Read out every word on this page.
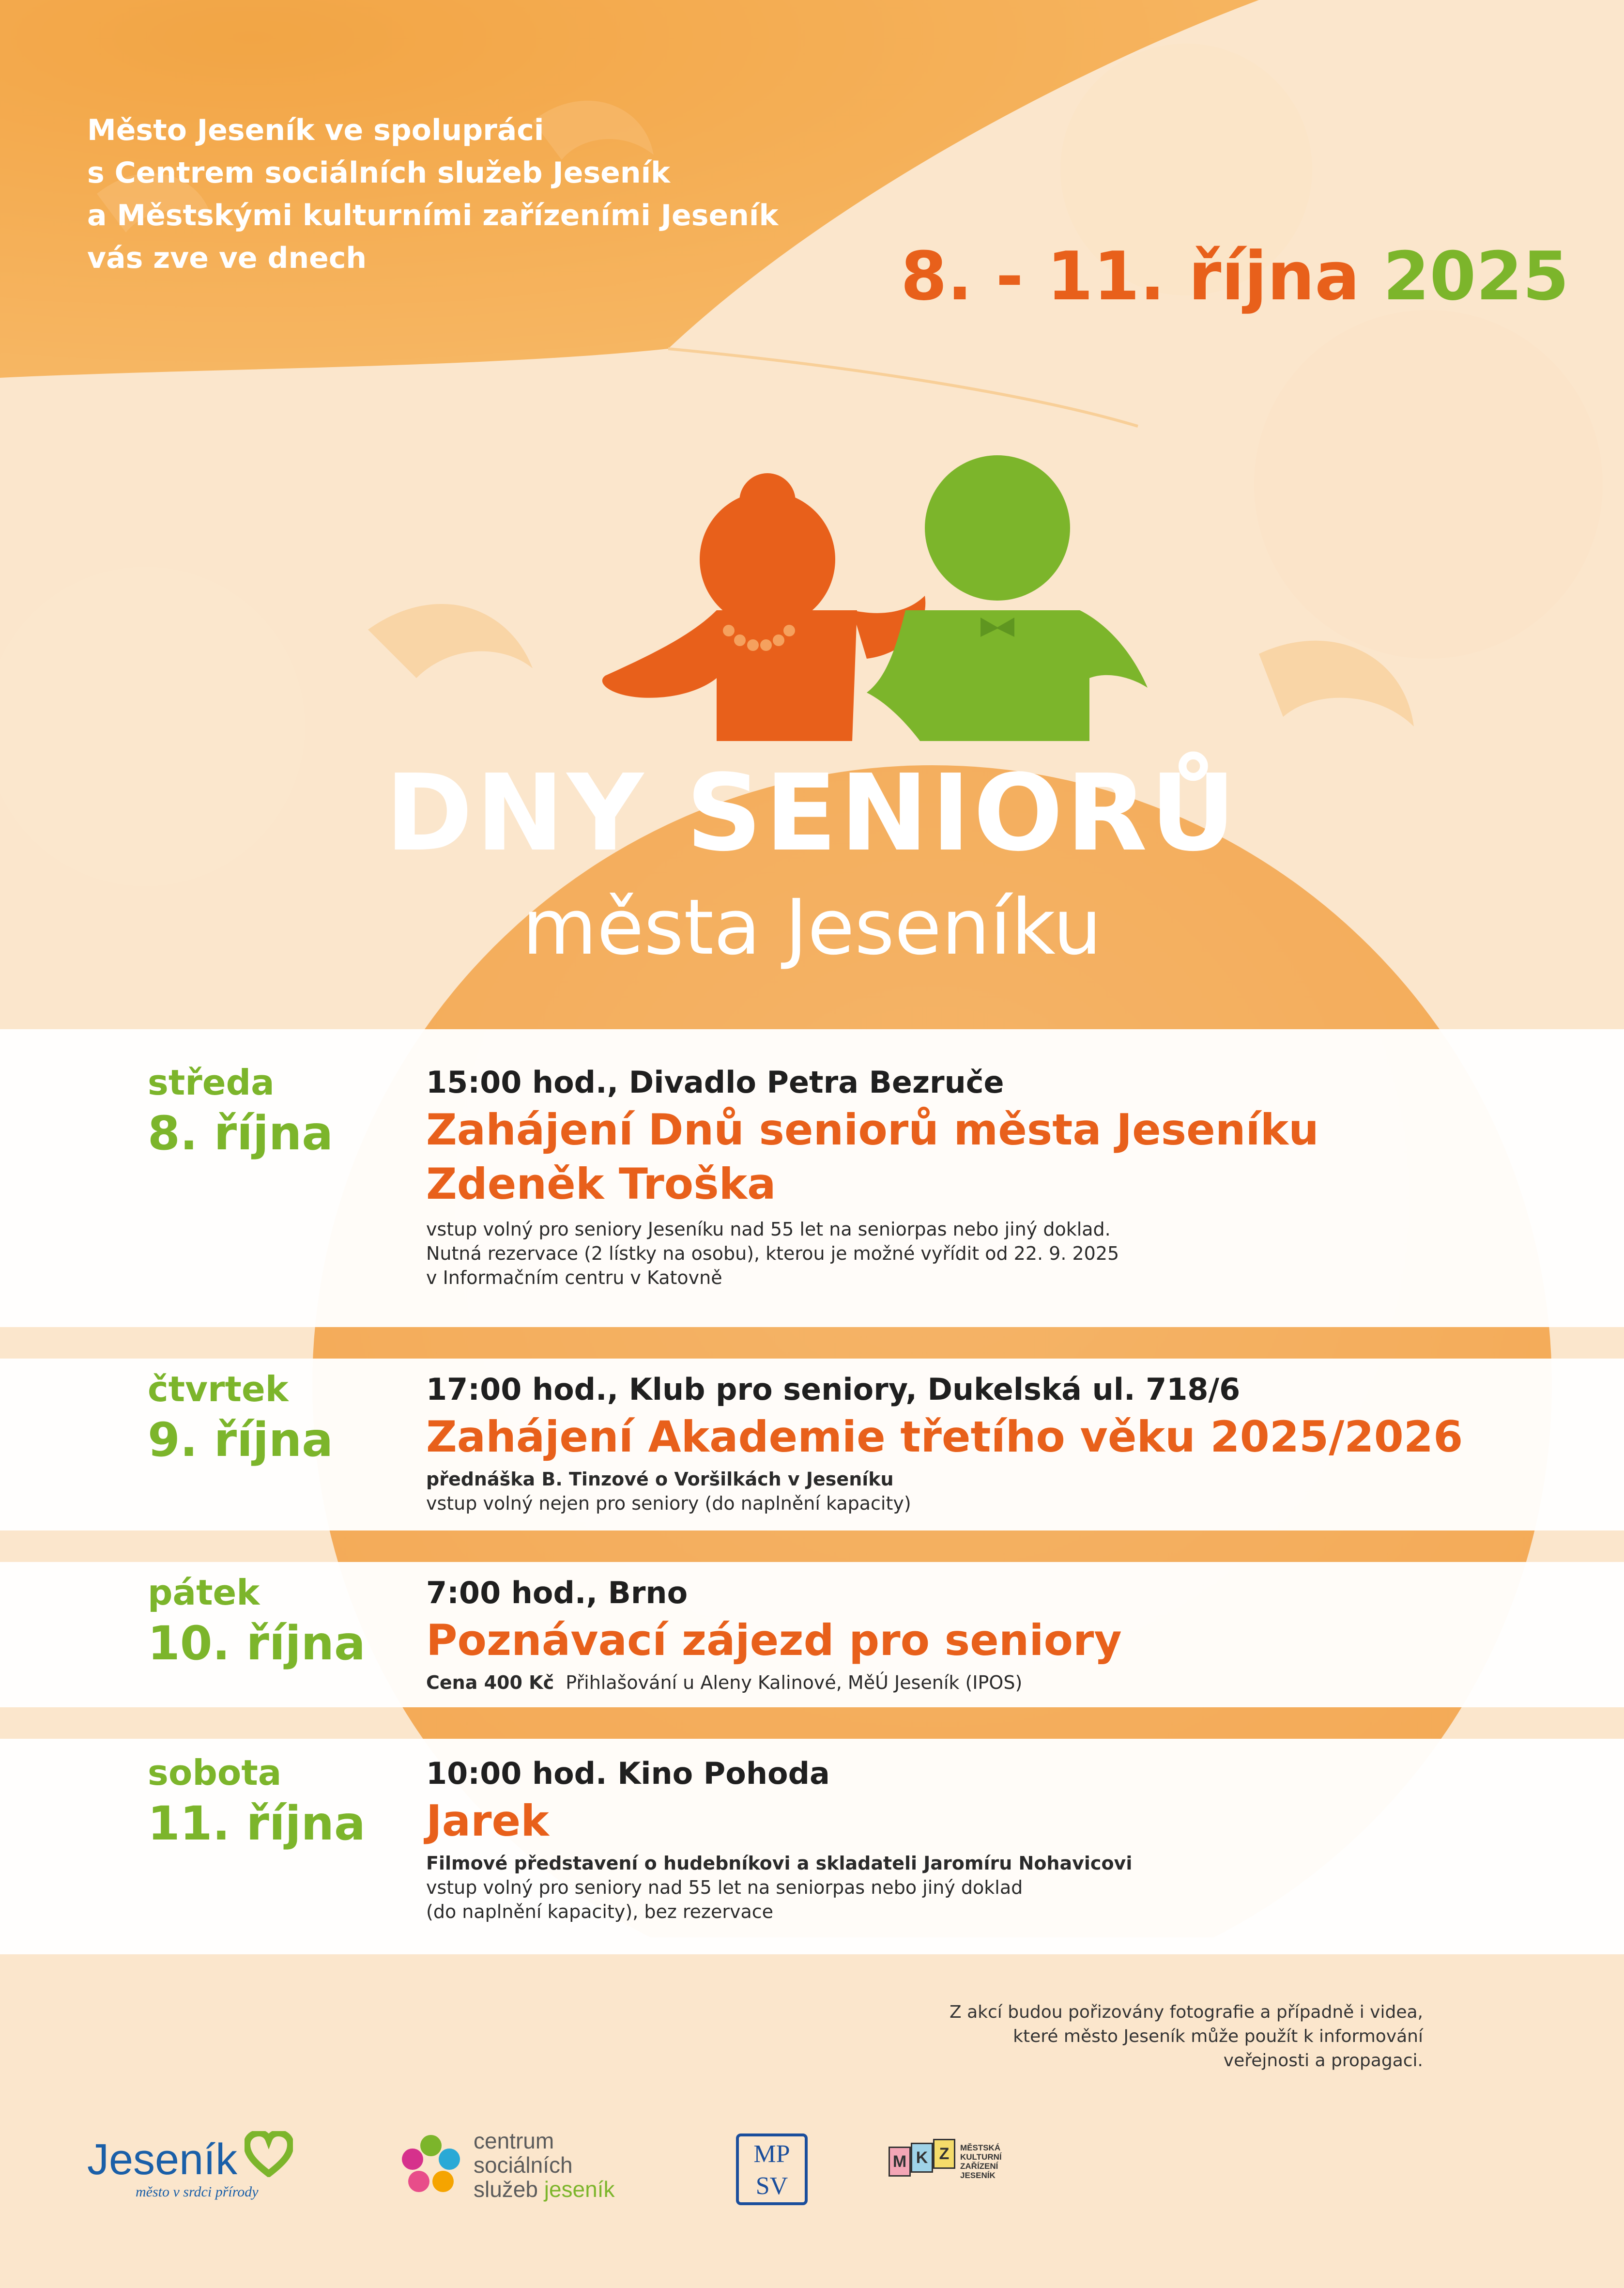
Město Jeseník ve spolupráci
s Centrem sociálních služeb Jeseník
a Městskými kulturními zařízeními Jeseník
vás zve ve dnech	8. - 11. října 2025
DNY SENIORŮ
města Jeseníku
středa
8. října
15:00 hod., Divadlo Petra Bezruče
Zahájení Dnů seniorů města Jeseníku
Zdeněk Troška
vstup volný pro seniory Jeseníku nad 55 let na seniorpas nebo jiný doklad.
Nutná rezervace (2 lístky na osobu), kterou je možné vyřídit od 22. 9. 2025
v Informačním centru v Katovně
čtvrtek
9. října
17:00 hod., Klub pro seniory, Dukelská ul. 718/6
Zahájení Akademie třetího věku 2025/2026
přednáška B. Tinzové o Voršilkách v Jeseníku
vstup volný nejen pro seniory (do naplnění kapacity)
pátek
10. října
7:00 hod., Brno
Poznávací zájezd pro seniory
Cena 400 Kč Přihlašování u Aleny Kalinové, MěÚ Jeseník (IPOS)
sobota
11. října
10:00 hod. Kino Pohoda
Jarek
Filmové představení o hudebníkovi a skladateli Jaromíru Nohavicovi
vstup volný pro seniory nad 55 let na seniorpas nebo jiný doklad
(do naplnění kapacity), bez rezervace
Z akcí budou pořizovány fotografie a případně i videa,
které město Jeseník může použít k informování
veřejnosti a propagaci.
Jeseník
město v srdci přírody
centrum
sociálních
služeb jeseník
MP
SV
M K Z	MĚSTSKÁ
KULTURNÍ
ZAŘÍZENÍ
JESENÍK
